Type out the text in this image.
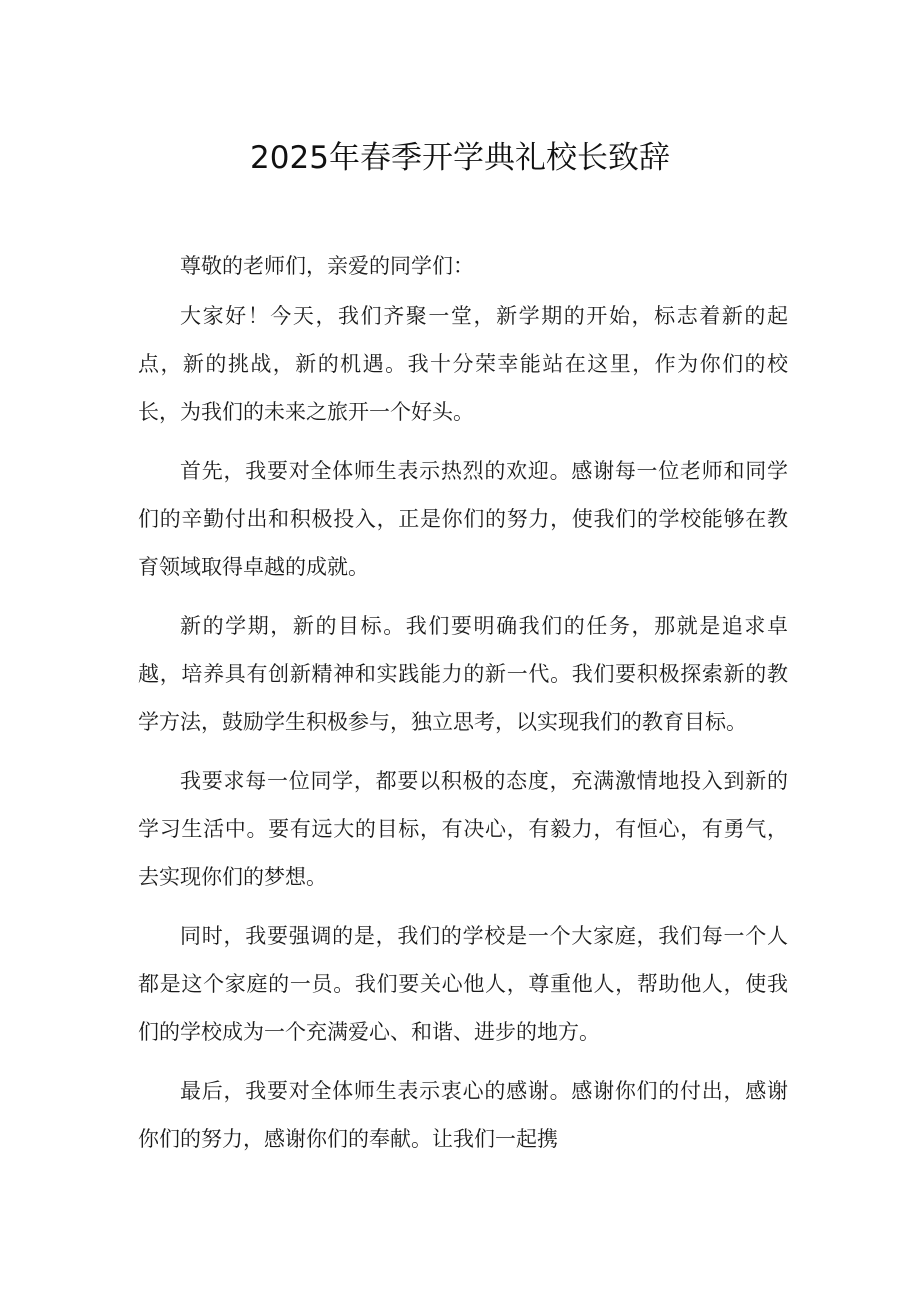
2025年春季开学典礼校长致辞

尊敬的老师们，亲爱的同学们：

大家好！今天，我们齐聚一堂，新学期的开始，标志着新的起点，新的挑战，新的机遇。我十分荣幸能站在这里，作为你们的校长，为我们的未来之旅开一个好头。

首先，我要对全体师生表示热烈的欢迎。感谢每一位老师和同学们的辛勤付出和积极投入，正是你们的努力，使我们的学校能够在教育领域取得卓越的成就。

新的学期，新的目标。我们要明确我们的任务，那就是追求卓越，培养具有创新精神和实践能力的新一代。我们要积极探索新的教学方法，鼓励学生积极参与，独立思考，以实现我们的教育目标。

我要求每一位同学，都要以积极的态度，充满激情地投入到新的学习生活中。要有远大的目标，有决心，有毅力，有恒心，有勇气，去实现你们的梦想。

同时，我要强调的是，我们的学校是一个大家庭，我们每一个人都是这个家庭的一员。我们要关心他人，尊重他人，帮助他人，使我们的学校成为一个充满爱心、和谐、进步的地方。

最后，我要对全体师生表示衷心的感谢。感谢你们的付出，感谢你们的努力，感谢你们的奉献。让我们一起携
